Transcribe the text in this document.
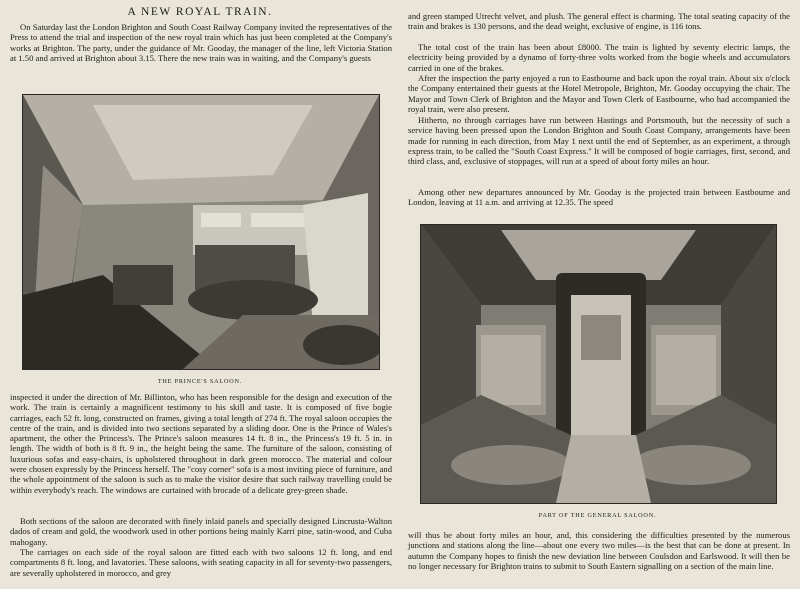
A NEW ROYAL TRAIN.

On Saturday last the London Brighton and South Coast Railway Company invited the representatives of the Press to attend the trial and inspection of the new royal train which has just been completed at the Company's works at Brighton. The party, under the guidance of Mr. Gooday, the manager of the line, left Victoria Station at 1.50 and arrived at Brighton about 3.15. There the new train was in waiting, and the Company's guests

THE PRINCE'S SALOON.

inspected it under the direction of Mr. Billinton, who has been responsible for the design and execution of the work. The train is certainly a magnificent testimony to his skill and taste. It is composed of five bogie carriages, each 52 ft. long, constructed on frames, giving a total length of 274 ft. The royal saloon occupies the centre of the train, and is divided into two sections separated by a sliding door. One is the Prince of Wales's apartment, the other the Princess's. The Prince's saloon measures 14 ft. 8 in., the Princess's 19 ft. 5 in. in length. The width of both is 8 ft. 9 in., the height being the same. The furniture of the saloon, consisting of luxurious sofas and easy-chairs, is upholstered throughout in dark green morocco. The material and colour were chosen expressly by the Princess herself. The "cosy corner" sofa is a most inviting piece of furniture, and the whole appointment of the saloon is such as to make the visitor desire that such railway travelling could be within everybody's reach. The windows are curtained with brocade of a delicate grey-green shade.

Both sections of the saloon are decorated with finely inlaid panels and specially designed Lincrusta-Walton dados of cream and gold, the woodwork used in other portions being mainly Karri pine, satin-wood, and Cuba mahogany.

The carriages on each side of the royal saloon are fitted each with two saloons 12 ft. long, and end compartments 8 ft. long, and lavatories. These saloons, with seating capacity in all for seventy-two passengers, are severally upholstered in morocco, and grey

and green stamped Utrecht velvet, and plush. The general effect is charming. The total seating capacity of the train and brakes is 130 persons, and the dead weight, exclusive of engine, is 116 tons.

The total cost of the train has been about £8000. The train is lighted by seventy electric lamps, the electricity being provided by a dynamo of forty-three volts worked from the bogie wheels and accumulators carried in one of the brakes.

After the inspection the party enjoyed a run to Eastbourne and back upon the royal train. About six o'clock the Company entertained their guests at the Hotel Metropole, Brighton, Mr. Gooday occupying the chair. The Mayor and Town Clerk of Brighton and the Mayor and Town Clerk of Eastbourne, who had accompanied the royal train, were also present.

Hitherto, no through carriages have run between Hastings and Portsmouth, but the necessity of such a service having been pressed upon the London Brighton and South Coast Company, arrangements have been made for running in each direction, from May 1 next until the end of September, as an experiment, a through express train, to be called the "South Coast Express." It will be composed of bogie carriages, first, second, and third class, and, exclusive of stoppages, will run at a speed of about forty miles an hour.

Among other new departures announced by Mr. Gooday is the projected train between Eastbourne and London, leaving at 11 a.m. and arriving at 12.35. The speed

PART OF THE GENERAL SALOON.

will thus be about forty miles an hour, and, this considering the difficulties presented by the numerous junctions and stations along the line—about one every two miles—is the best that can be done at present. In autumn the Company hopes to finish the new deviation line between Coulsdon and Earlswood. It will then be no longer necessary for Brighton trains to submit to South Eastern signalling on a section of the main line.
